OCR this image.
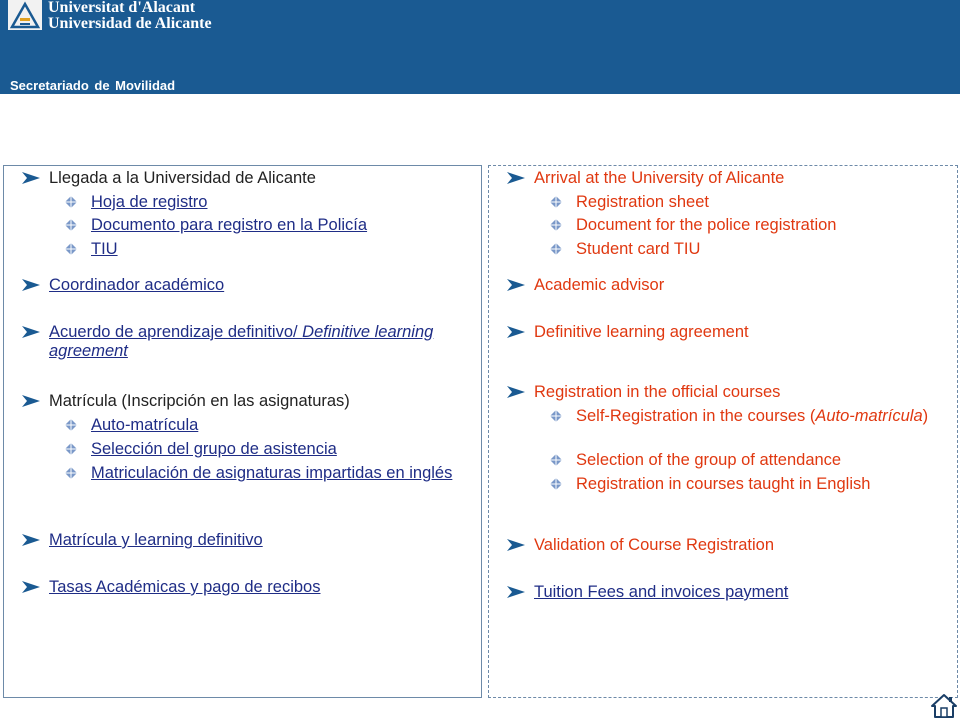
Universitat d'Alacant
Universidad de Alicante
Secretariado de Movilidad
Llegada a la Universidad de Alicante
Hoja de registro
Documento para registro en la Policía
TIU
Coordinador académico
Acuerdo de aprendizaje definitivo/ Definitive learning agreement
Matrícula (Inscripción en las asignaturas)
Auto-matrícula
Selección del grupo de asistencia
Matriculación de asignaturas impartidas en inglés
Matrícula y learning definitivo
Tasas Académicas y pago de recibos
Arrival at the University of Alicante
Registration sheet
Document for the police registration
Student card TIU
Academic advisor
Definitive learning agreement
Registration in the official courses
Self-Registration in the courses (Auto-matrícula)
Selection of the group of attendance
Registration in courses taught in English
Validation of Course Registration
Tuition Fees and invoices payment
